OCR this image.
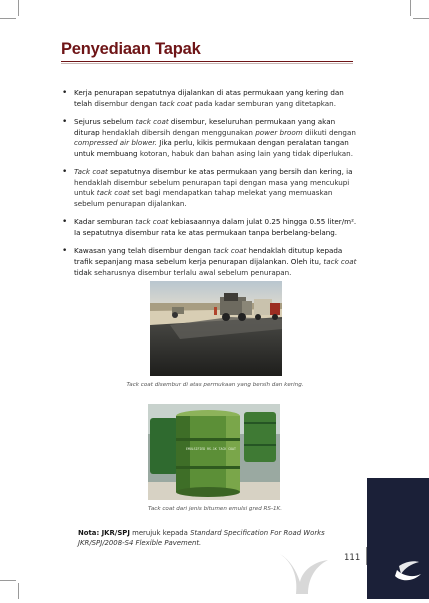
Penyediaan Tapak
• Kerja penurapan sepatutnya dijalankan di atas permukaan yang kering dan telah disembur dengan tack coat pada kadar semburan yang ditetapkan.
• Sejurus sebelum tack coat disembur, keseluruhan permukaan yang akan diturap hendaklah dibersih dengan menggunakan power broom diikuti dengan compressed air blower. Jika perlu, kikis permukaan dengan peralatan tangan untuk membuang kotoran, habuk dan bahan asing lain yang tidak diperlukan.
• Tack coat sepatutnya disembur ke atas permukaan yang bersih dan kering, ia hendaklah disembur sebelum penurapan tapi dengan masa yang mencukupi untuk tack coat set bagi mendapatkan tahap melekat yang memuaskan sebelum penurapan dijalankan.
• Kadar semburan tack coat kebiasaannya dalam julat 0.25 hingga 0.55 liter/m². Ia sepatutnya disembur rata ke atas permukaan tanpa berbelang-belang.
• Kawasan yang telah disembur dengan tack coat hendaklah ditutup kepada trafik sepanjang masa sebelum kerja penurapan dijalankan. Oleh itu, tack coat tidak seharusnya disembur terlalu awal sebelum penurapan.
Tack coat disembur di atas permukaan yang bersih dan kering.
EMULSIFIED RS-1K TACK COAT
Tack coat dari jenis bitumen emulsi gred RS-1K.
Nota: JKR/SPJ merujuk kepada Standard Specification For Road Works JKR/SPJ/2008-S4 Flexible Pavement.
111
